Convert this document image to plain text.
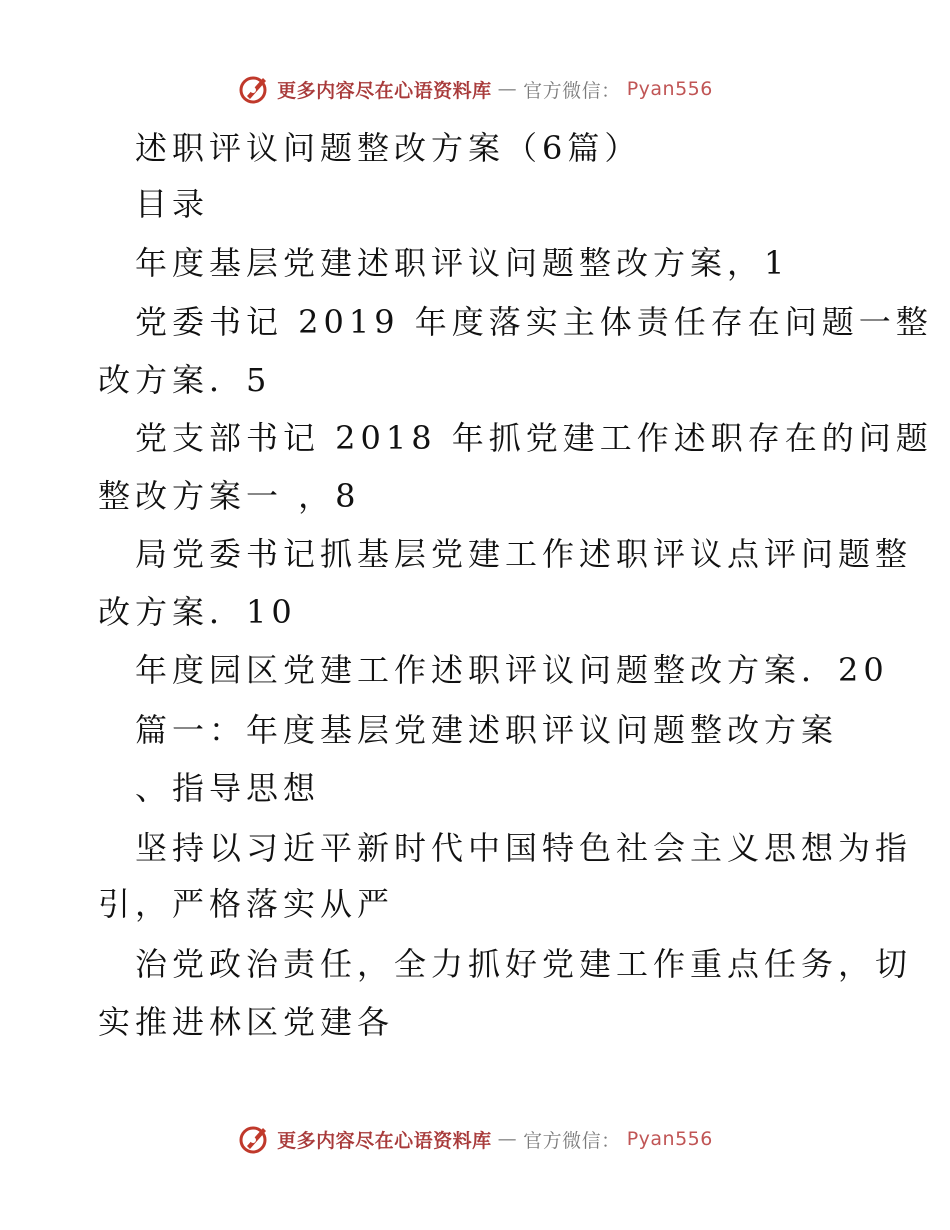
更多内容尽在心语资料库 — 官方微信： Pyan556
述职评议问题整改方案（6篇）
目录
年度基层党建述职评议问题整改方案，1
党委书记 2019 年度落实主体责任存在问题一整
改方案．5
党支部书记 2018 年抓党建工作述职存在的问题
整改方案一 ，8
局党委书记抓基层党建工作述职评议点评问题整
改方案．10
年度园区党建工作述职评议问题整改方案．20
篇一：年度基层党建述职评议问题整改方案
、指导思想
坚持以习近平新时代中国特色社会主义思想为指
引，严格落实从严
治党政治责任，全力抓好党建工作重点任务，切
实推进林区党建各
更多内容尽在心语资料库 — 官方微信： Pyan556
